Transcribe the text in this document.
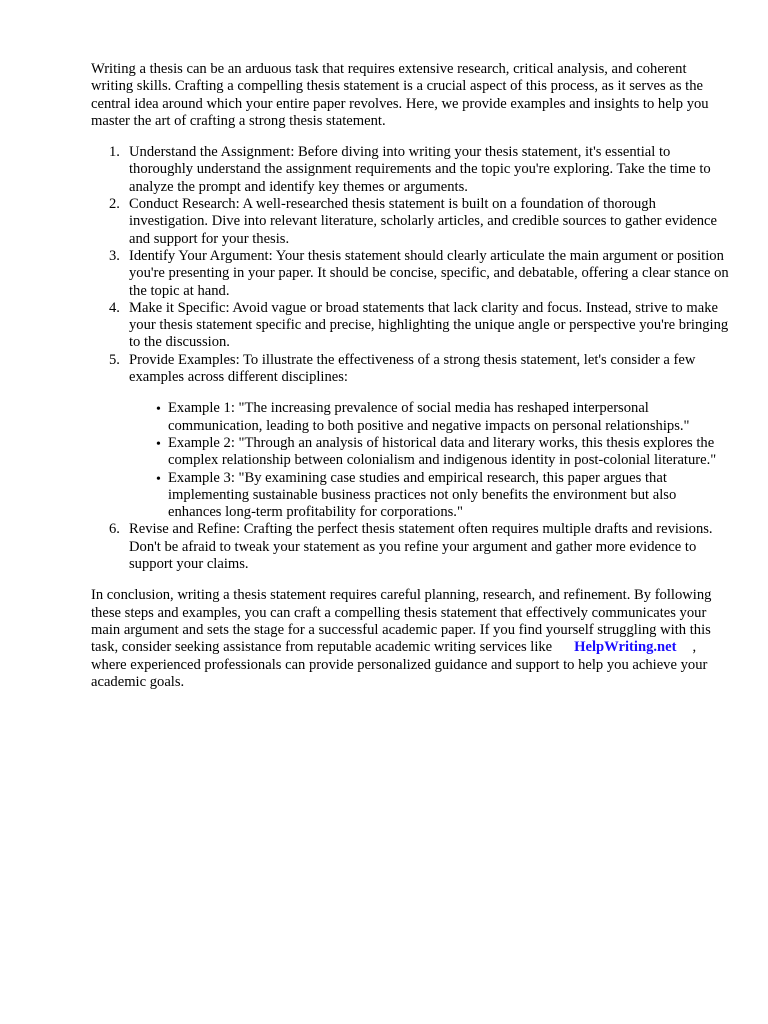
Writing a thesis can be an arduous task that requires extensive research, critical analysis, and coherent writing skills. Crafting a compelling thesis statement is a crucial aspect of this process, as it serves as the central idea around which your entire paper revolves. Here, we provide examples and insights to help you master the art of crafting a strong thesis statement.

1. Understand the Assignment: Before diving into writing your thesis statement, it's essential to thoroughly understand the assignment requirements and the topic you're exploring. Take the time to analyze the prompt and identify key themes or arguments.
2. Conduct Research: A well-researched thesis statement is built on a foundation of thorough investigation. Dive into relevant literature, scholarly articles, and credible sources to gather evidence and support for your thesis.
3. Identify Your Argument: Your thesis statement should clearly articulate the main argument or position you're presenting in your paper. It should be concise, specific, and debatable, offering a clear stance on the topic at hand.
4. Make it Specific: Avoid vague or broad statements that lack clarity and focus. Instead, strive to make your thesis statement specific and precise, highlighting the unique angle or perspective you're bringing to the discussion.
5. Provide Examples: To illustrate the effectiveness of a strong thesis statement, let's consider a few examples across different disciplines:
• Example 1: "The increasing prevalence of social media has reshaped interpersonal communication, leading to both positive and negative impacts on personal relationships."
• Example 2: "Through an analysis of historical data and literary works, this thesis explores the complex relationship between colonialism and indigenous identity in post-colonial literature."
• Example 3: "By examining case studies and empirical research, this paper argues that implementing sustainable business practices not only benefits the environment but also enhances long-term profitability for corporations."
6. Revise and Refine: Crafting the perfect thesis statement often requires multiple drafts and revisions. Don't be afraid to tweak your statement as you refine your argument and gather more evidence to support your claims.

In conclusion, writing a thesis statement requires careful planning, research, and refinement. By following these steps and examples, you can craft a compelling thesis statement that effectively communicates your main argument and sets the stage for a successful academic paper. If you find yourself struggling with this task, consider seeking assistance from reputable academic writing services like HelpWriting.net , where experienced professionals can provide personalized guidance and support to help you achieve your academic goals.
